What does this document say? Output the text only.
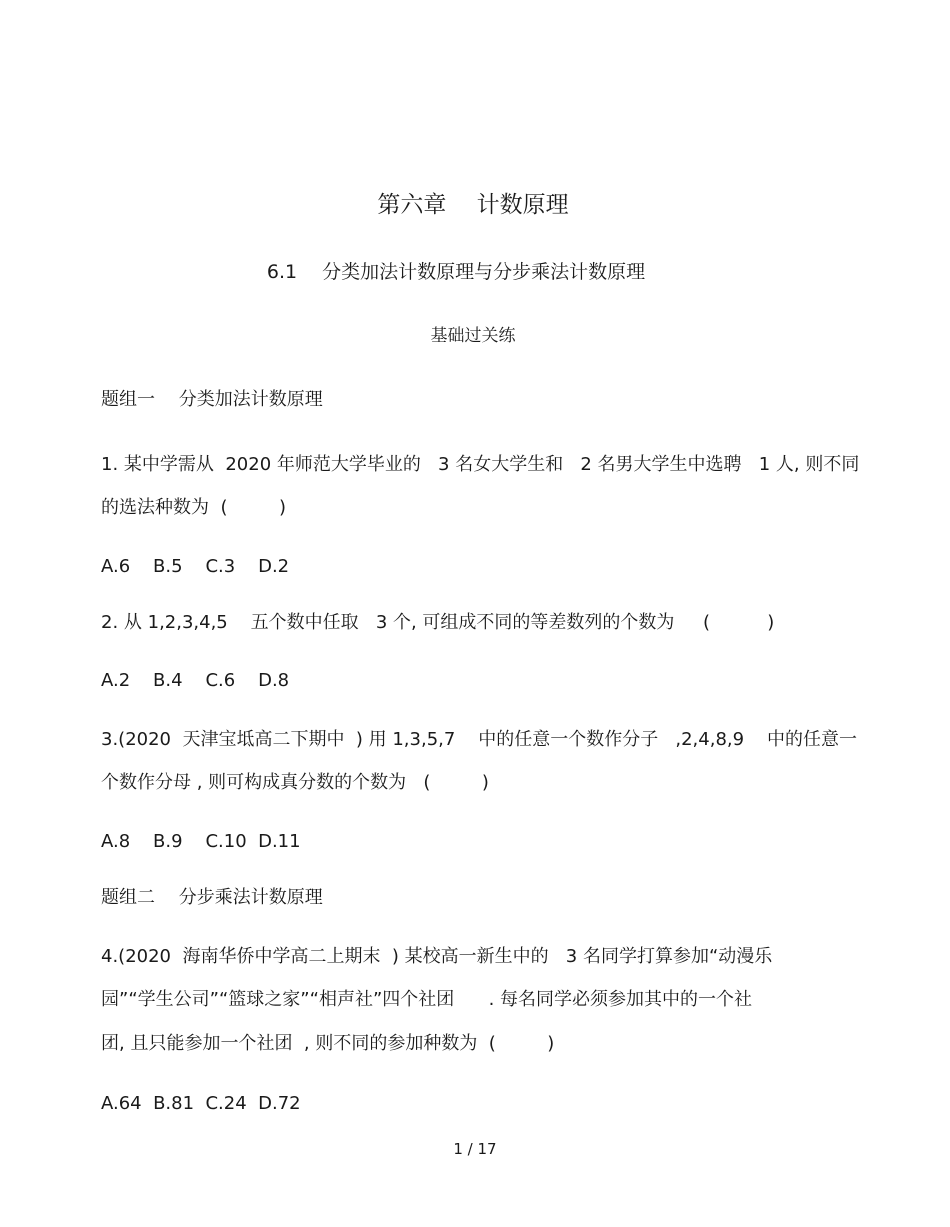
第六章　 计数原理
6.1　 分类加法计数原理与分步乘法计数原理
基础过关练
题组一　 分类加法计数原理
1. 某中学需从  2020 年师范大学毕业的   3 名女大学生和   2 名男大学生中选聘   1 人, 则不同
的选法种数为  (         )
A.6    B.5    C.3    D.2
2. 从 1,2,3,4,5    五个数中任取   3 个, 可组成不同的等差数列的个数为     (          )
A.2    B.4    C.6    D.8
3.(2020  天津宝坻高二下期中  ) 用 1,3,5,7    中的任意一个数作分子   ,2,4,8,9    中的任意一
个数作分母 , 则可构成真分数的个数为   (         )
A.8    B.9    C.10  D.11
题组二　 分步乘法计数原理
4.(2020  海南华侨中学高二上期末  ) 某校高一新生中的   3 名同学打算参加“动漫乐
园”“学生公司”“篮球之家”“相声社”四个社团      . 每名同学必须参加其中的一个社
团, 且只能参加一个社团  , 则不同的参加种数为  (         )
A.64  B.81  C.24  D.72
1 / 17
